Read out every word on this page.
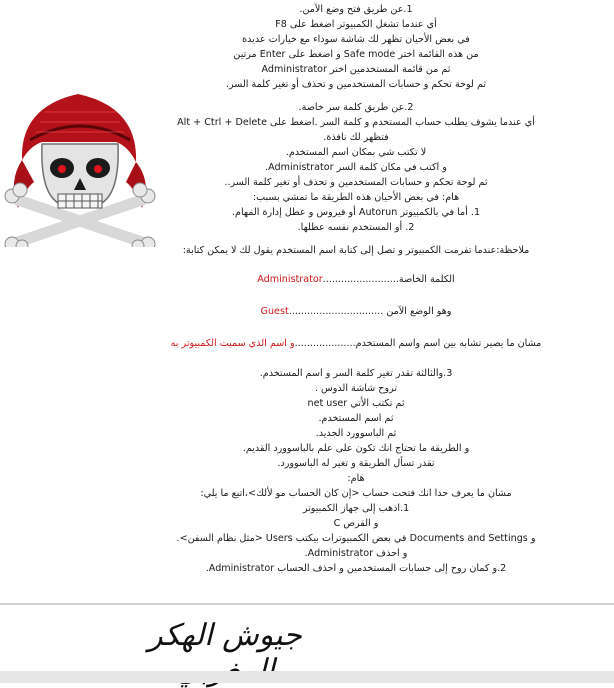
1.عن طريق فتح وضع الآمن.

أي عندما تشغل الكمبيوتر اضغط على F8

في بعض الأحيان تظهر لك شاشة سوداء مع خيارات عديدة

من هذه القائمة اختر Safe mode و اضغط على Enter مرتين

ثم من قائمة المستخدمين اختر Administrator

ثم لوحة تحكم و حسابات المستخدمين و تحذف أو تغير كلمة السر.

2.عن طريق كلمة سر خاصة.

أي عندما يشوف يطلب حساب المستخدم و كلمة السر .اضغط على Alt + Ctrl + Delete

فتظهر لك نافذة.

لا تكتب شي بمكان اسم المستخدم.

و اكتب في مكان كلمة السر Administrator.

ثم لوحة تحكم و حسابات المستخدمين و تحذف أو تغير كلمة السر..

هام: في بعض الأحيان هذه الطريقة ما تمشي بسبب:

1. أما في بالكمبيوتر Autorun أو فيروس و عطل إدارة المهام.

2. أو المستخدم نفسه عطلها.

ملاحظة:عندما تفرمت الكمبيوتر و تصل إلى كتابة اسم المستخدم يقول لك لا يمكن كتابة:

الكلمة الخاصة.........................Administrator

وهو الوضع الآمن ...............................Guest

مشان ما يصير تشابه بين اسم واسم المستخدم....................و اسم الذي سميت الكمبيوتر به

3.والثالثة تقدر تغير كلمة السر و اسم المستخدم.

تروح شاشة الدوس .

ثم تكتب الأتي net user

ثم اسم المستخدم.

ثم الباسوورد الجديد.

و الطريقة ما تحتاج انك تكون على علم بالباسوورد القديم.

تقدر تسأل الطريقة و تغير له الباسوورد.

هام:

مشان ما يعرف حدا انك فتحت حساب <إن كان الحساب مو لألك>،اتبع ما يلي:

1.اذهب إلى جهاز الكمبيوتر

و القرص C

و Documents and Settings في بعض الكمبيوترات بيكتب Users <مثل نظام السفن>.

و احذف Administrator.

2.و كمان روح إلى حسابات المستخدمين و احذف الحساب Administrator.

جيوش الهكر
